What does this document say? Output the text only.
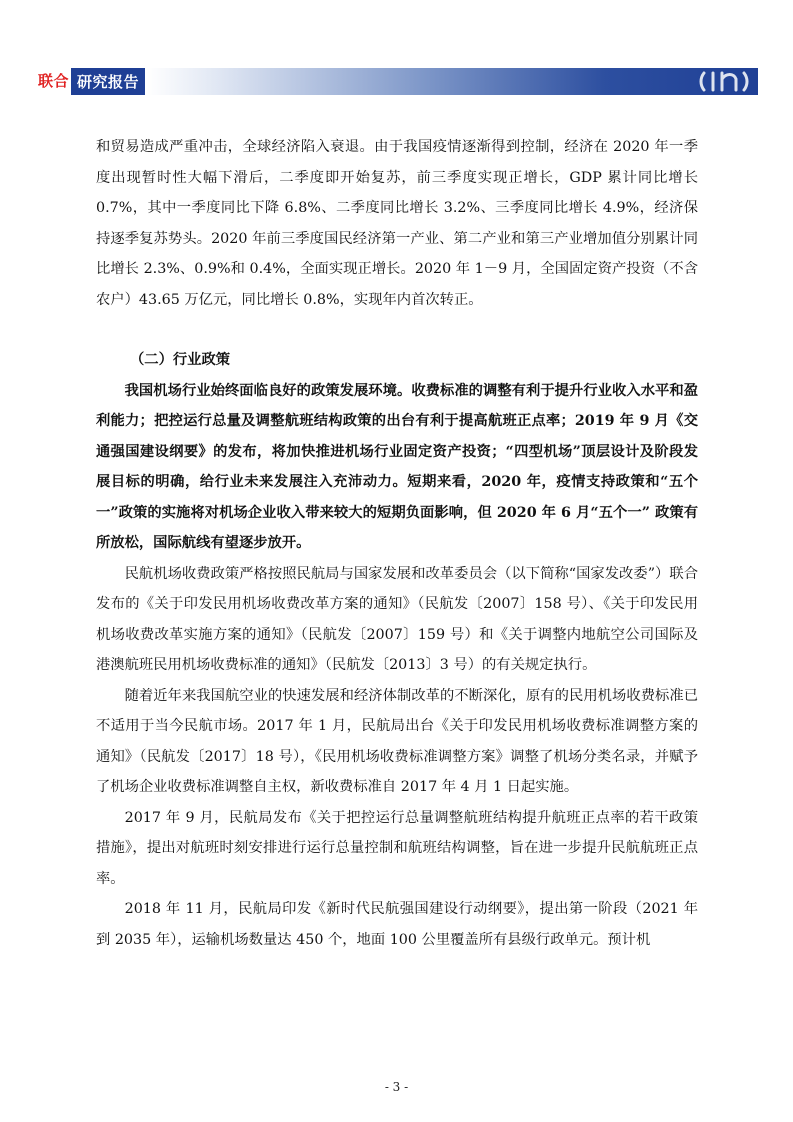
联合 研究报告

和贸易造成严重冲击，全球经济陷入衰退。由于我国疫情逐渐得到控制，经济在 2020 年一季度出现暂时性大幅下滑后，二季度即开始复苏，前三季度实现正增长，GDP 累计同比增长 0.7%，其中一季度同比下降 6.8%、二季度同比增长 3.2%、三季度同比增长 4.9%，经济保持逐季复苏势头。2020 年前三季度国民经济第一产业、第二产业和第三产业增加值分别累计同比增长 2.3%、0.9%和 0.4%，全面实现正增长。2020 年 1－9 月，全国固定资产投资（不含农户）43.65 万亿元，同比增长 0.8%，实现年内首次转正。

（二）行业政策

我国机场行业始终面临良好的政策发展环境。收费标准的调整有利于提升行业收入水平和盈利能力；把控运行总量及调整航班结构政策的出台有利于提高航班正点率；2019 年 9 月《交通强国建设纲要》的发布，将加快推进机场行业固定资产投资；“四型机场”顶层设计及阶段发展目标的明确，给行业未来发展注入充沛动力。短期来看，2020 年，疫情支持政策和“五个一”政策的实施将对机场企业收入带来较大的短期负面影响，但 2020 年 6 月“五个一” 政策有所放松，国际航线有望逐步放开。

民航机场收费政策严格按照民航局与国家发展和改革委员会（以下简称“国家发改委”）联合发布的《关于印发民用机场收费改革方案的通知》（民航发〔2007〕158 号）、《关于印发民用机场收费改革实施方案的通知》（民航发〔2007〕159 号）和《关于调整内地航空公司国际及港澳航班民用机场收费标准的通知》（民航发〔2013〕3 号）的有关规定执行。

随着近年来我国航空业的快速发展和经济体制改革的不断深化，原有的民用机场收费标准已不适用于当今民航市场。2017 年 1 月，民航局出台《关于印发民用机场收费标准调整方案的通知》（民航发〔2017〕18 号），《民用机场收费标准调整方案》调整了机场分类名录，并赋予了机场企业收费标准调整自主权，新收费标准自 2017 年 4 月 1 日起实施。

2017 年 9 月，民航局发布《关于把控运行总量调整航班结构提升航班正点率的若干政策措施》，提出对航班时刻安排进行运行总量控制和航班结构调整，旨在进一步提升民航航班正点率。

2018 年 11 月，民航局印发《新时代民航强国建设行动纲要》，提出第一阶段（2021 年到 2035 年），运输机场数量达 450 个，地面 100 公里覆盖所有县级行政单元。预计机

- 3 -
